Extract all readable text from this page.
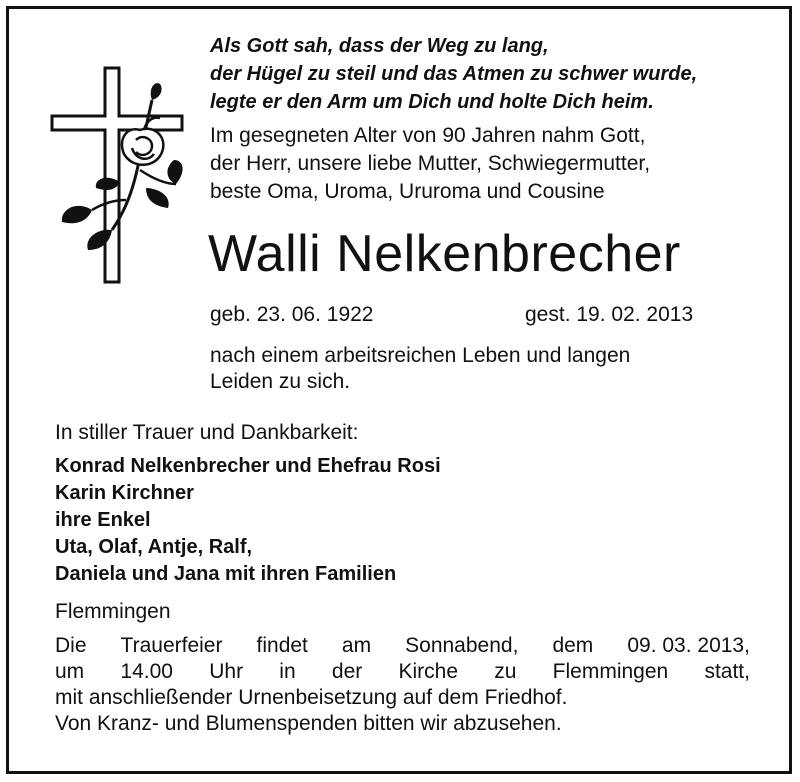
Als Gott sah, dass der Weg zu lang,
der Hügel zu steil und das Atmen zu schwer wurde,
legte er den Arm um Dich und holte Dich heim.
Im gesegneten Alter von 90 Jahren nahm Gott,
der Herr, unsere liebe Mutter, Schwiegermutter,
beste Oma, Uroma, Ururoma und Cousine
Walli Nelkenbrecher
geb. 23. 06. 1922	gest. 19. 02. 2013
nach einem arbeitsreichen Leben und langen
Leiden zu sich.
In stiller Trauer und Dankbarkeit:
Konrad Nelkenbrecher und Ehefrau Rosi
Karin Kirchner
ihre Enkel
Uta, Olaf, Antje, Ralf,
Daniela und Jana mit ihren Familien
Flemmingen
Die Trauerfeier findet am Sonnabend, dem 09. 03. 2013,
um 14.00 Uhr in der Kirche zu Flemmingen statt,
mit anschließender Urnenbeisetzung auf dem Friedhof.
Von Kranz- und Blumenspenden bitten wir abzusehen.
